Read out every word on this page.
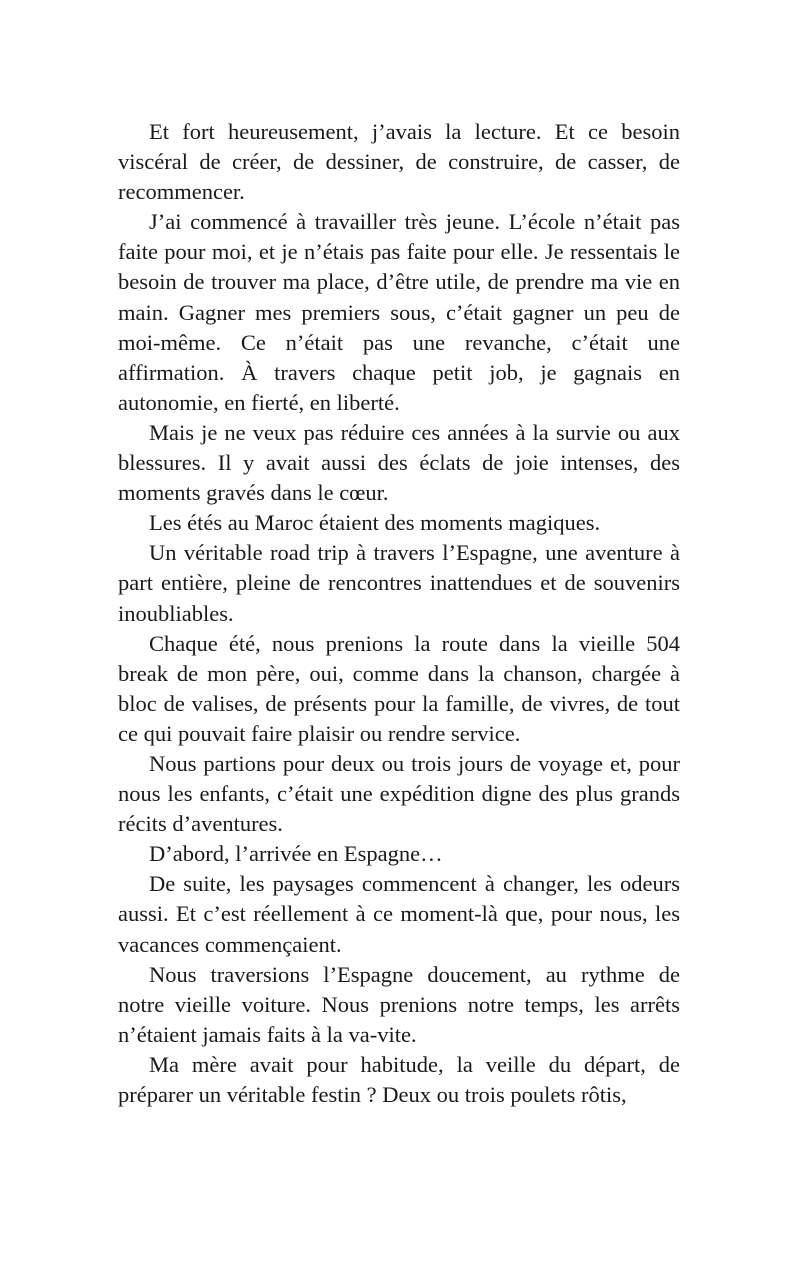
Et fort heureusement, j’avais la lecture. Et ce besoin viscéral de créer, de dessiner, de construire, de casser, de recommencer.

J’ai commencé à travailler très jeune. L’école n’était pas faite pour moi, et je n’étais pas faite pour elle. Je ressentais le besoin de trouver ma place, d’être utile, de prendre ma vie en main. Gagner mes premiers sous, c’était gagner un peu de moi-même. Ce n’était pas une revanche, c’était une affirmation. À travers chaque petit job, je gagnais en autonomie, en fierté, en liberté.

Mais je ne veux pas réduire ces années à la survie ou aux blessures. Il y avait aussi des éclats de joie intenses, des moments gravés dans le cœur.

Les étés au Maroc étaient des moments magiques.

Un véritable road trip à travers l’Espagne, une aventure à part entière, pleine de rencontres inattendues et de souvenirs inoubliables.

Chaque été, nous prenions la route dans la vieille 504 break de mon père, oui, comme dans la chanson, chargée à bloc de valises, de présents pour la famille, de vivres, de tout ce qui pouvait faire plaisir ou rendre service.

Nous partions pour deux ou trois jours de voyage et, pour nous les enfants, c’était une expédition digne des plus grands récits d’aventures.

D’abord, l’arrivée en Espagne…

De suite, les paysages commencent à changer, les odeurs aussi. Et c’est réellement à ce moment-là que, pour nous, les vacances commençaient.

Nous traversions l’Espagne doucement, au rythme de notre vieille voiture. Nous prenions notre temps, les arrêts n’étaient jamais faits à la va-vite.

Ma mère avait pour habitude, la veille du départ, de préparer un véritable festin ? Deux ou trois poulets rôtis,
